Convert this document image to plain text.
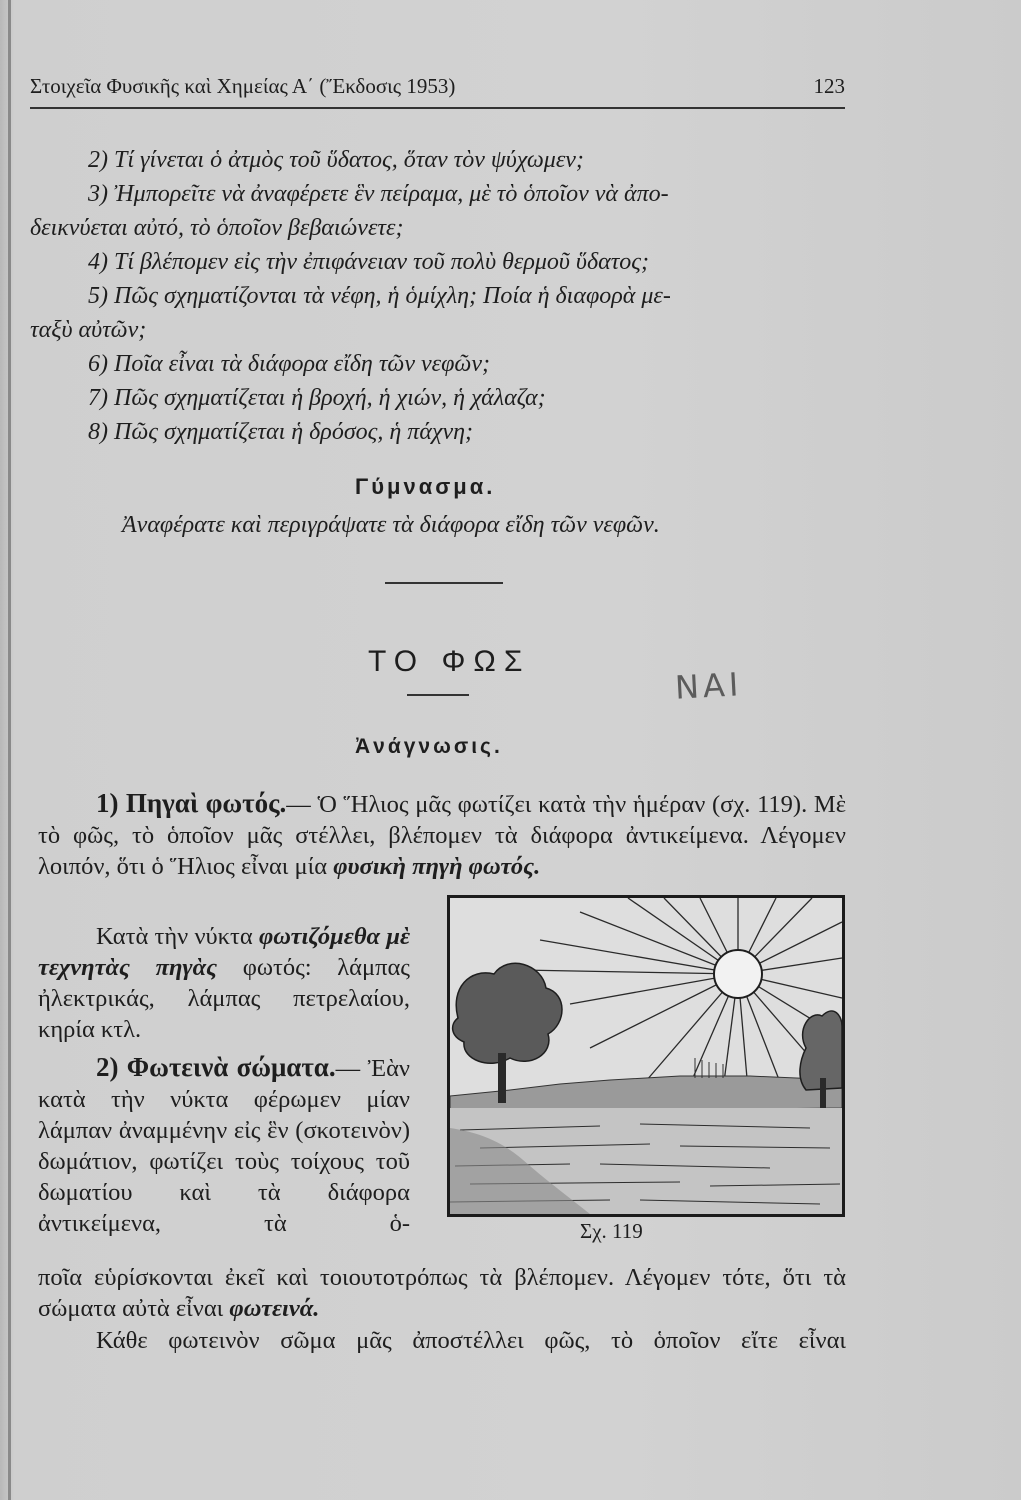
Στοιχεῖα Φυσικῆς καὶ Χημείας Α΄ (Ἔκδοσις 1953)	123
2) Τί γίνεται ὁ ἀτμὸς τοῦ ὕδατος, ὅταν τὸν ψύχωμεν;
3) Ἠμπορεῖτε νὰ ἀναφέρετε ἓν πείραμα, μὲ τὸ ὁποῖον νὰ ἀπο-
δεικνύεται αὐτό, τὸ ὁποῖον βεβαιώνετε;
4) Τί βλέπομεν εἰς τὴν ἐπιφάνειαν τοῦ πολὺ θερμοῦ ὕδατος;
5) Πῶς σχηματίζονται τὰ νέφη, ἡ ὁμίχλη; Ποία ἡ διαφορὰ με-
ταξὺ αὐτῶν;
6) Ποῖα εἶναι τὰ διάφορα εἴδη τῶν νεφῶν;
7) Πῶς σχηματίζεται ἡ βροχή, ἡ χιών, ἡ χάλαζα;
8) Πῶς σχηματίζεται ἡ δρόσος, ἡ πάχνη;
Γύμνασμα.
Ἀναφέρατε καὶ περιγράψατε τὰ διάφορα εἴδη τῶν νεφῶν.
ΤΟ ΦΩΣ
ΝΑΙ
Ἀνάγνωσις.
1) Πηγαὶ φωτός.— Ὁ Ἥλιος μᾶς φωτίζει κατὰ τὴν ἡμέραν (σχ. 119). Μὲ τὸ φῶς, τὸ ὁποῖον μᾶς στέλλει, βλέπομεν τὰ διάφορα ἀντικείμενα. Λέγομεν λοιπόν, ὅτι ὁ Ἥλιος εἶναι μία φυσικὴ πηγὴ φωτός.
Κατὰ τὴν νύκτα φωτιζόμεθα μὲ τεχνητὰς πηγὰς φωτός: λάμπας ἠλεκτρικάς, λάμπας πετρελαίου, κηρία κτλ.
2) Φωτεινὰ σώματα.— Ἐὰν κατὰ τὴν νύκτα φέρωμεν μίαν λάμπαν ἀναμμένην εἰς ἓν (σκοτεινὸν) δωμάτιον, φωτίζει τοὺς τοίχους τοῦ δωματίου καὶ τὰ διάφορα ἀντικείμενα, τὰ ὁ-
ποῖα εὑρίσκονται ἐκεῖ καὶ τοιουτοτρόπως τὰ βλέπομεν. Λέγομεν τότε, ὅτι τὰ σώματα αὐτὰ εἶναι φωτεινά.
Κάθε φωτεινὸν σῶμα μᾶς ἀποστέλλει φῶς, τὸ ὁποῖον εἴτε εἶναι
Σχ. 119
